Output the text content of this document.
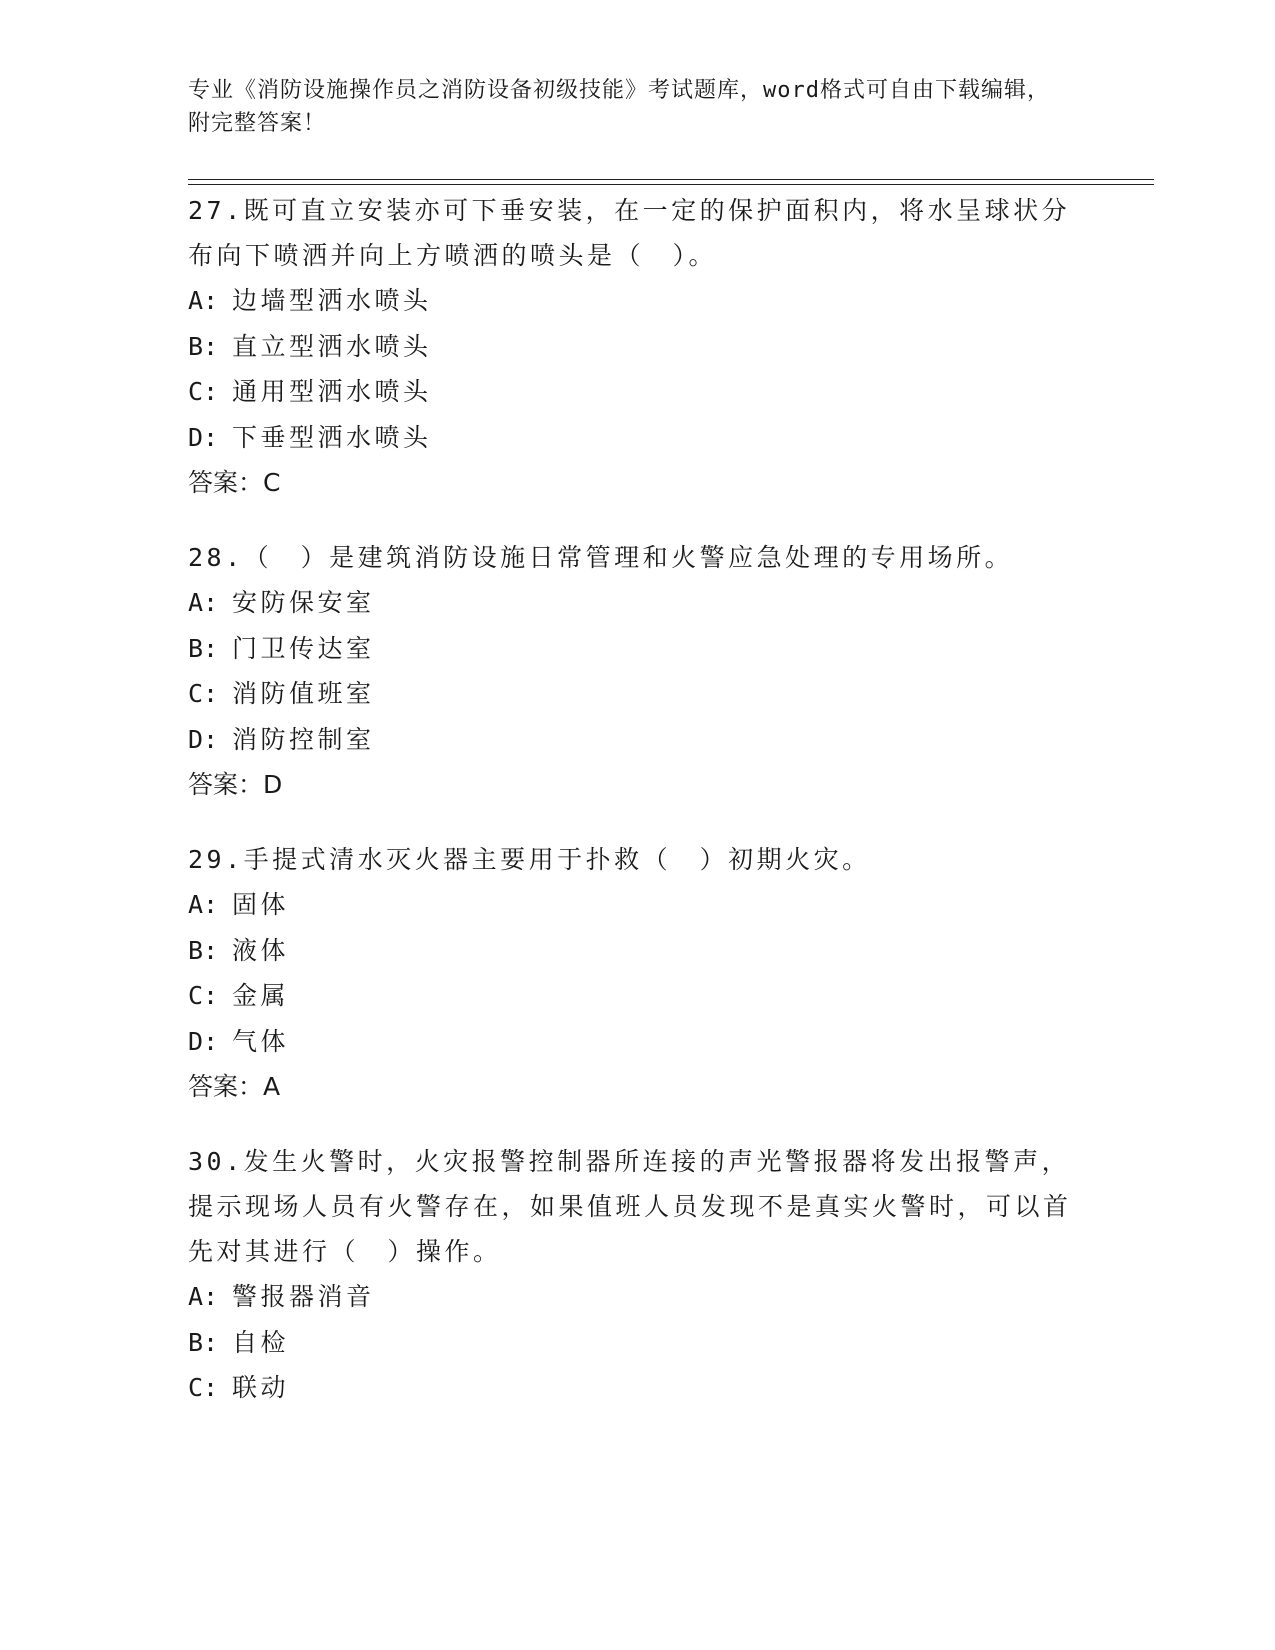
专业《消防设施操作员之消防设备初级技能》考试题库，word格式可自由下载编辑，附完整答案！

27.既可直立安装亦可下垂安装，在一定的保护面积内，将水呈球状分布向下喷洒并向上方喷洒的喷头是（　）。

A: 边墙型洒水喷头

B: 直立型洒水喷头

C: 通用型洒水喷头

D: 下垂型洒水喷头

答案：C

28.（　）是建筑消防设施日常管理和火警应急处理的专用场所。

A: 安防保安室

B: 门卫传达室

C: 消防值班室

D: 消防控制室

答案：D

29.手提式清水灭火器主要用于扑救（　）初期火灾。

A: 固体

B: 液体

C: 金属

D: 气体

答案：A

30.发生火警时，火灾报警控制器所连接的声光警报器将发出报警声，提示现场人员有火警存在，如果值班人员发现不是真实火警时，可以首先对其进行（　）操作。

A: 警报器消音

B: 自检

C: 联动
